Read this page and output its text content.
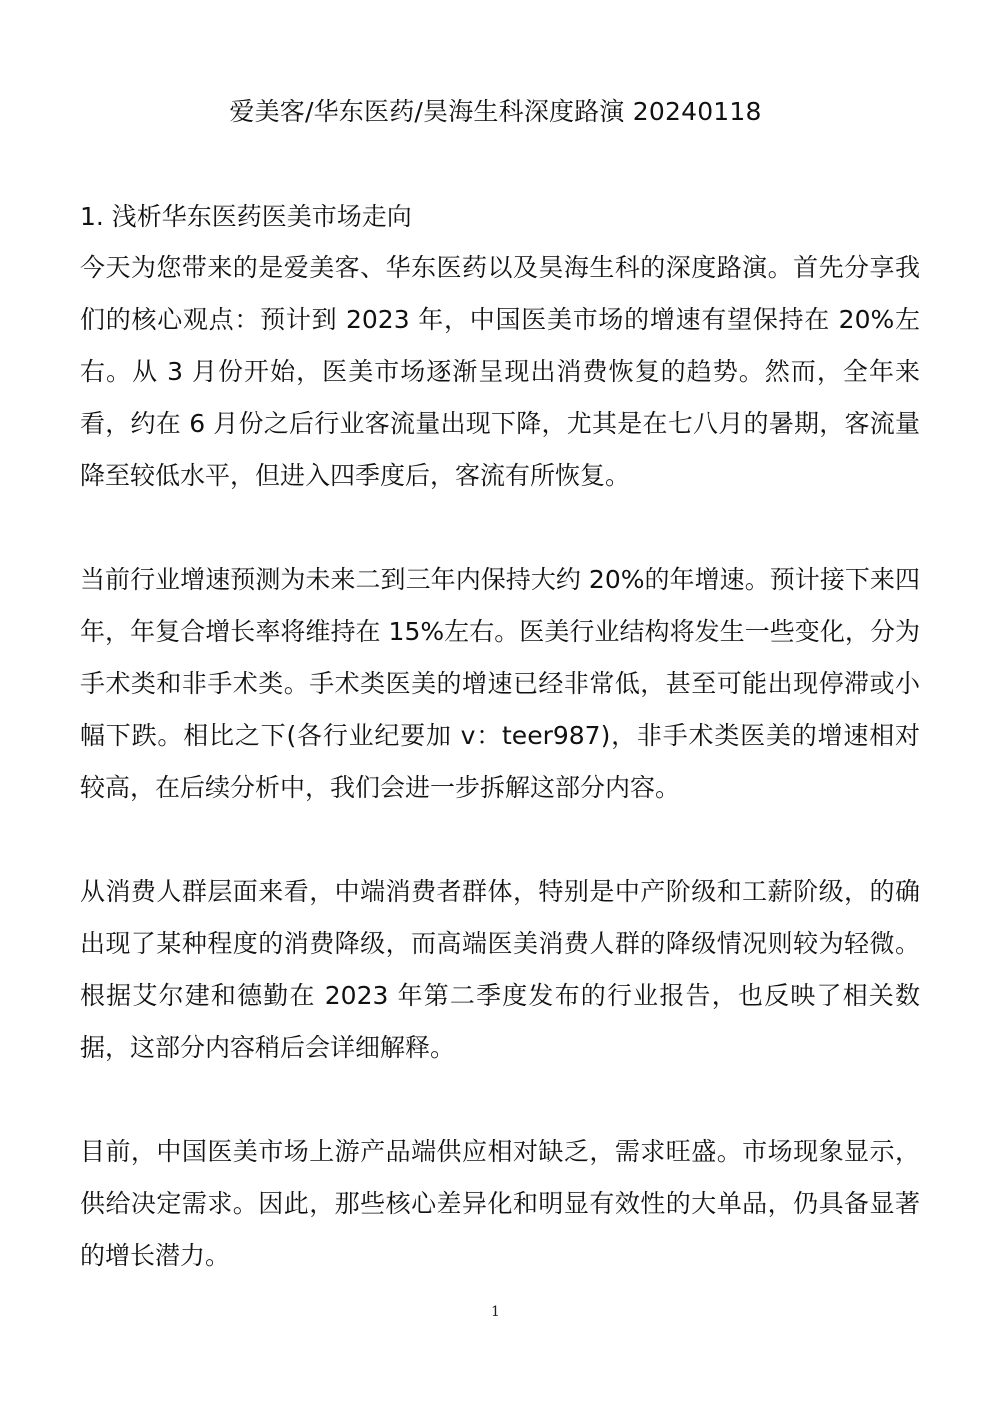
爱美客/华东医药/昊海生科深度路演 20240118
1. 浅析华东医药医美市场走向

今天为您带来的是爱美客、华东医药以及昊海生科的深度路演。首先分享我们的核心观点：预计到 2023 年，中国医美市场的增速有望保持在 20%左右。从 3 月份开始，医美市场逐渐呈现出消费恢复的趋势。然而，全年来看，约在 6 月份之后行业客流量出现下降，尤其是在七八月的暑期，客流量降至较低水平，但进入四季度后，客流有所恢复。

当前行业增速预测为未来二到三年内保持大约 20%的年增速。预计接下来四年，年复合增长率将维持在 15%左右。医美行业结构将发生一些变化，分为手术类和非手术类。手术类医美的增速已经非常低，甚至可能出现停滞或小幅下跌。相比之下(各行业纪要加 v：teer987)，非手术类医美的增速相对较高，在后续分析中，我们会进一步拆解这部分内容。

从消费人群层面来看，中端消费者群体，特别是中产阶级和工薪阶级，的确出现了某种程度的消费降级，而高端医美消费人群的降级情况则较为轻微。根据艾尔建和德勤在 2023 年第二季度发布的行业报告，也反映了相关数据，这部分内容稍后会详细解释。

目前，中国医美市场上游产品端供应相对缺乏，需求旺盛。市场现象显示，供给决定需求。因此，那些核心差异化和明显有效性的大单品，仍具备显著的增长潜力。

1
